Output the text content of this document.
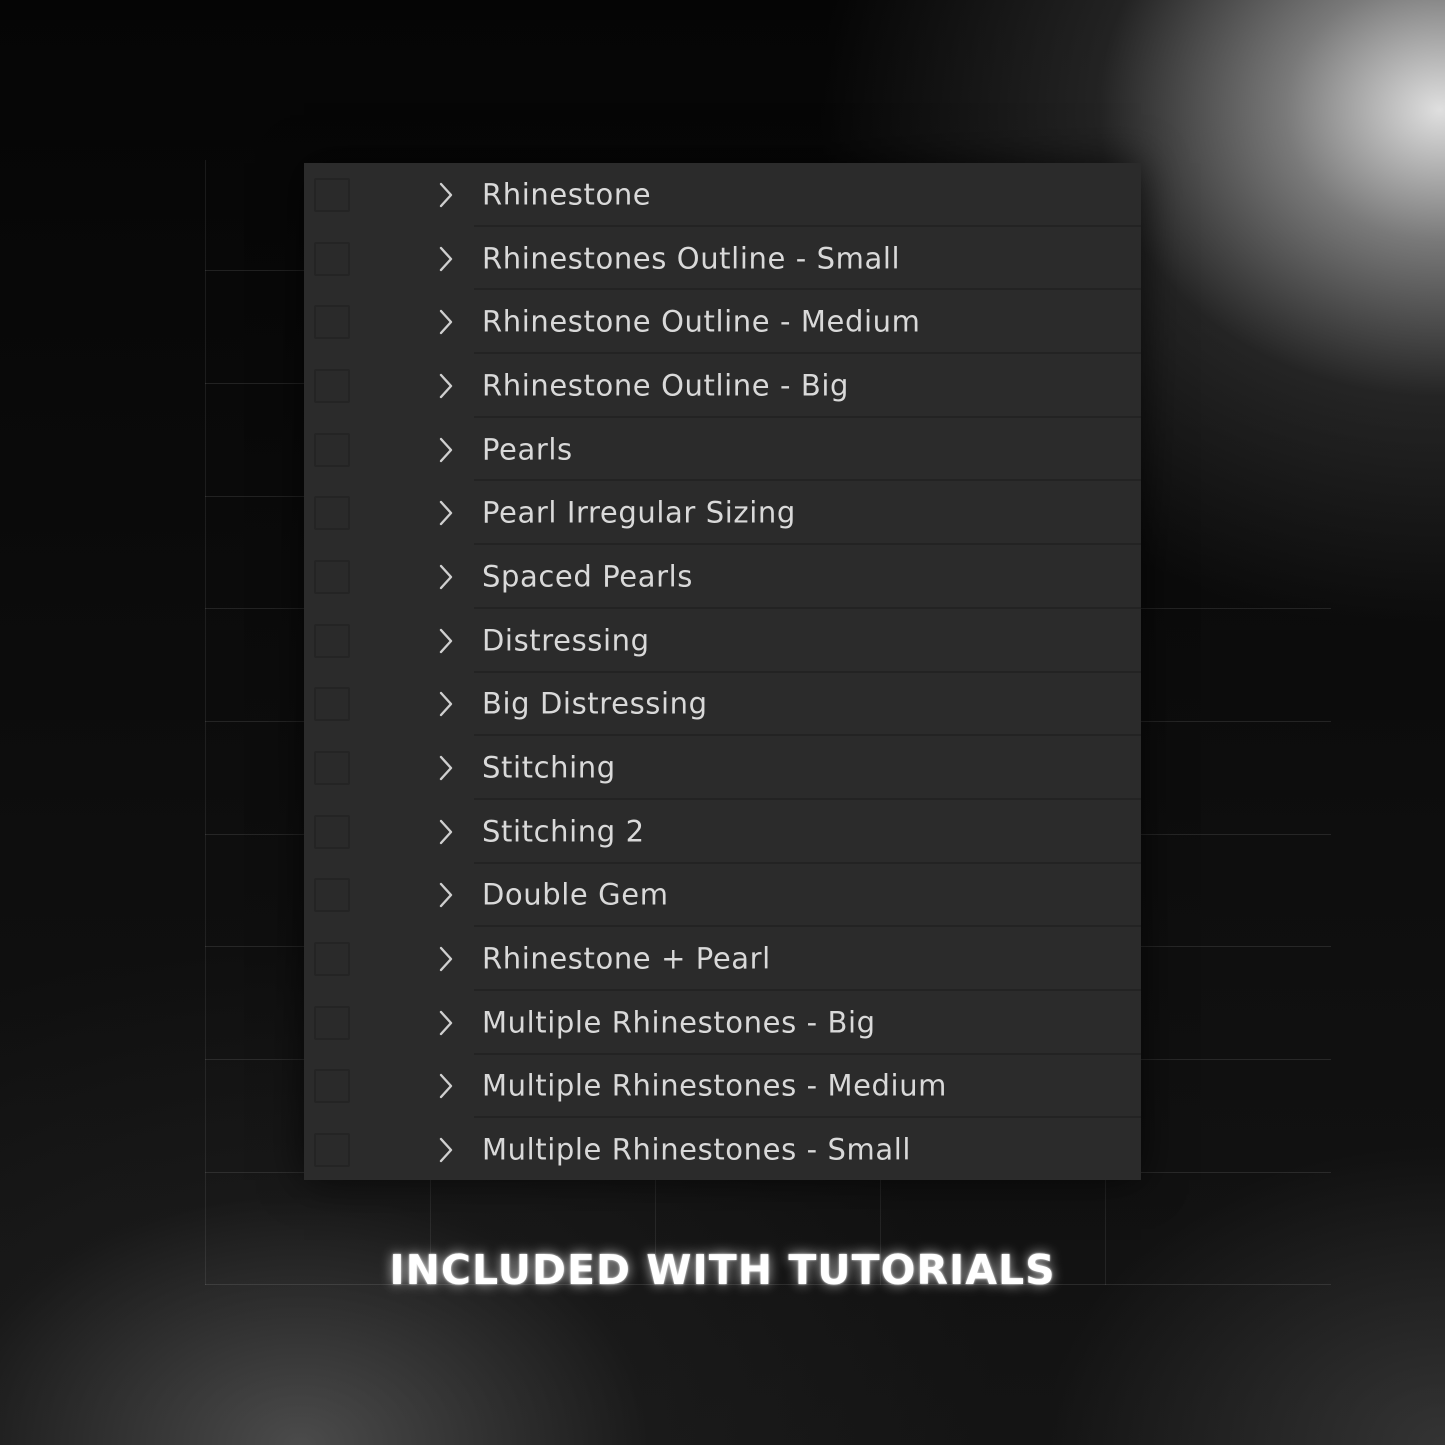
Rhinestone
Rhinestones Outline - Small
Rhinestone Outline - Medium
Rhinestone Outline - Big
Pearls
Pearl Irregular Sizing
Spaced Pearls
Distressing
Big Distressing
Stitching
Stitching 2
Double Gem
Rhinestone + Pearl
Multiple Rhinestones - Big
Multiple Rhinestones - Medium
Multiple Rhinestones - Small
INCLUDED WITH TUTORIALS
